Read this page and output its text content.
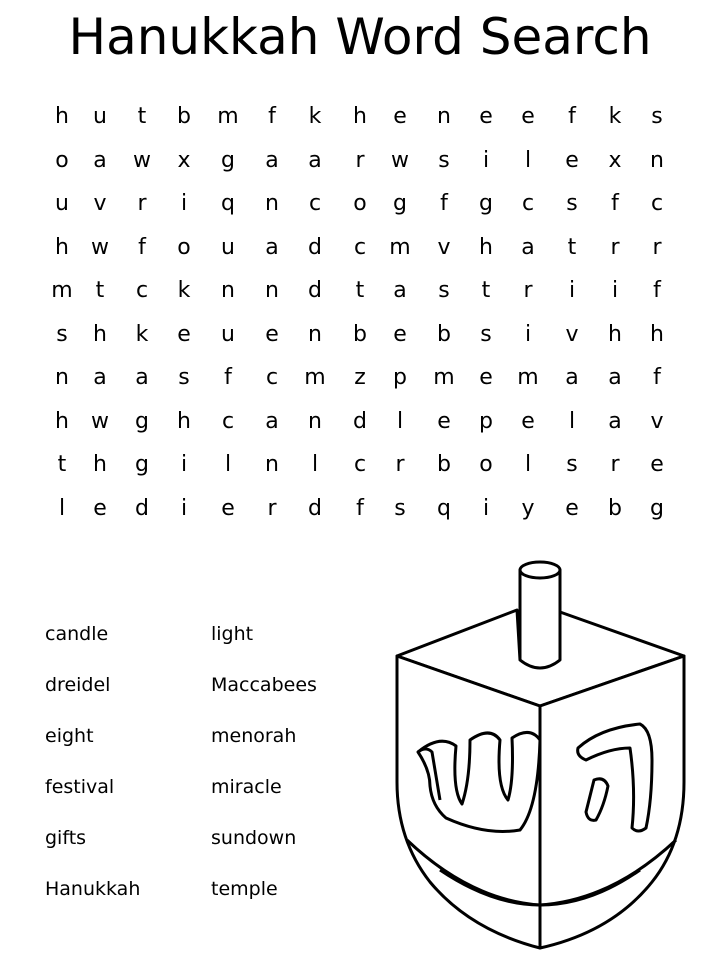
Hanukkah Word Search
h	u	t	b	m	f	k	h	e	n	e	e	f	k	s
o	a	w	x	g	a	a	r	w	s	i	l	e	x	n
u	v	r	i	q	n	c	o	g	f	g	c	s	f	c
h	w	f	o	u	a	d	c	m	v	h	a	t	r	r
m	t	c	k	n	n	d	t	a	s	t	r	i	i	f
s	h	k	e	u	e	n	b	e	b	s	i	v	h	h
n	a	a	s	f	c	m	z	p	m	e	m	a	a	f
h	w	g	h	c	a	n	d	l	e	p	e	l	a	v
t	h	g	i	l	n	l	c	r	b	o	l	s	r	e
l	e	d	i	e	r	d	f	s	q	i	y	e	b	g
candle
dreidel
eight
festival
gifts
Hanukkah
light
Maccabees
menorah
miracle
sundown
temple
